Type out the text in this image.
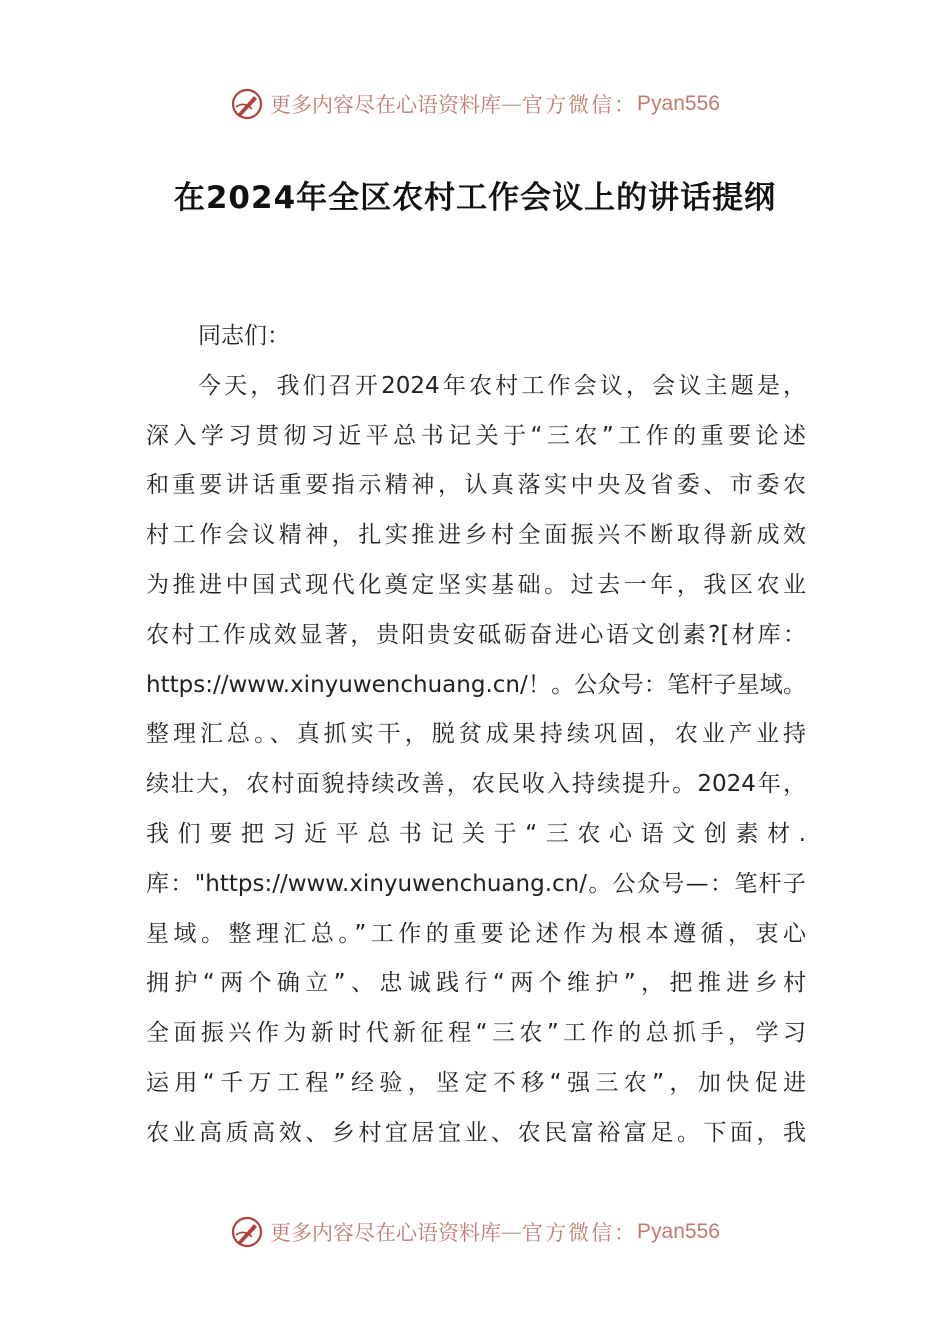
更多内容尽在心语资料库 — 官方微信： Pyan556
在2024年全区农村工作会议上的讲话提纲
同志们：
今天，我们召开2024年农村工作会议，会议主题是，
深入学习贯彻习近平总书记关于“三农”工作的重要论述
和重要讲话重要指示精神，认真落实中央及省委、市委农
村工作会议精神，扎实推进乡村全面振兴不断取得新成效
为推进中国式现代化奠定坚实基础。过去一年，我区农业
农村工作成效显著，贵阳贵安砥砺奋进心语文创素?[材库：
https://www.xinyuwenchuang.cn/！。公众号：笔杆子星域。
整理汇总。、真抓实干，脱贫成果持续巩固，农业产业持
续壮大，农村面貌持续改善，农民收入持续提升。2024年，
我们要把习近平总书记关于“三农心语文创素材.
库："https://www.xinyuwenchuang.cn/。公众号—：笔杆子
星域。整理汇总。”工作的重要论述作为根本遵循，衷心
拥护“两个确立”、忠诚践行“两个维护”，把推进乡村
全面振兴作为新时代新征程“三农”工作的总抓手，学习
运用“千万工程”经验，坚定不移“强三农”，加快促进
农业高质高效、乡村宜居宜业、农民富裕富足。下面，我
更多内容尽在心语资料库 — 官方微信： Pyan556
